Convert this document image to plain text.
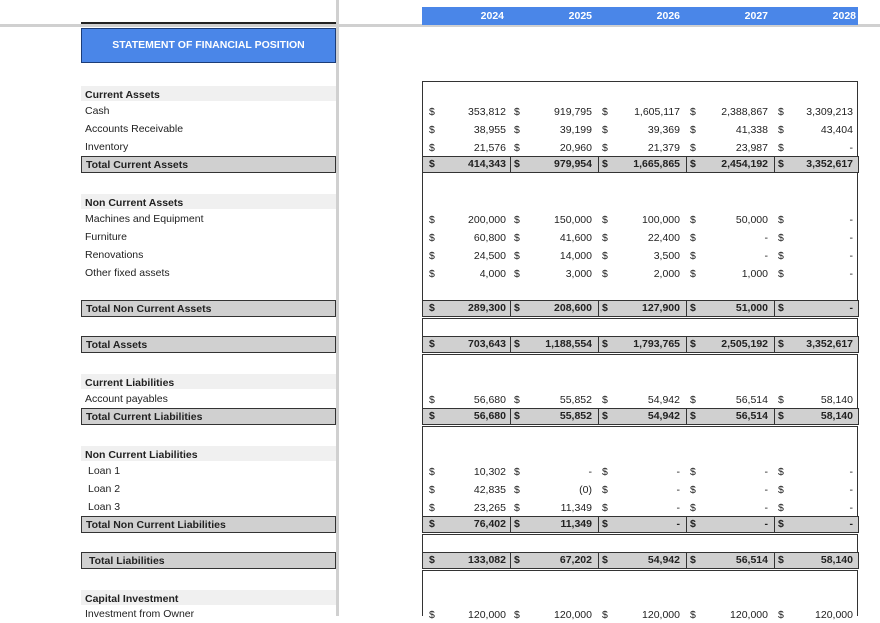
2024	2025	2026	2027	2028
STATEMENT OF FINANCIAL POSITION
Current Assets
Cash	$	353,812 $	919,795 $	1,605,117 $	2,388,867 $	3,309,213
Accounts Receivable	$	38,955 $	39,199 $	39,369 $	41,338 $	43,404
Inventory	$	21,576 $	20,960 $	21,379 $	23,987 $	-
Total Current Assets	$	414,343 $	979,954 $	1,665,865 $	2,454,192 $	3,352,617
Non Current Assets
Machines and Equipment	$	200,000 $	150,000 $	100,000 $	50,000 $	-
Furniture	$	60,800 $	41,600 $	22,400 $	- $	-
Renovations	$	24,500 $	14,000 $	3,500 $	- $	-
Other fixed assets	$	4,000 $	3,000 $	2,000 $	1,000 $	-
Total Non Current Assets	$	289,300 $	208,600 $	127,900 $	51,000 $	-
Total Assets	$	703,643 $	1,188,554 $	1,793,765 $	2,505,192 $	3,352,617
Current Liabilities
Account payables	$	56,680 $	55,852 $	54,942 $	56,514 $	58,140
Total Current Liabilities	$	56,680 $	55,852 $	54,942 $	56,514 $	58,140
Non Current Liabilities
Loan 1	$	10,302 $	- $	- $	- $	-
Loan 2	$	42,835 $	(0) $	- $	- $	-
Loan 3	$	23,265 $	11,349 $	- $	- $	-
Total Non Current Liabilities	$	76,402 $	11,349 $	- $	- $	-
Total Liabilities	$	133,082 $	67,202 $	54,942 $	56,514 $	58,140
Capital Investment
Investment from Owner	$	120,000 $	120,000 $	120,000 $	120,000 $	120,000
